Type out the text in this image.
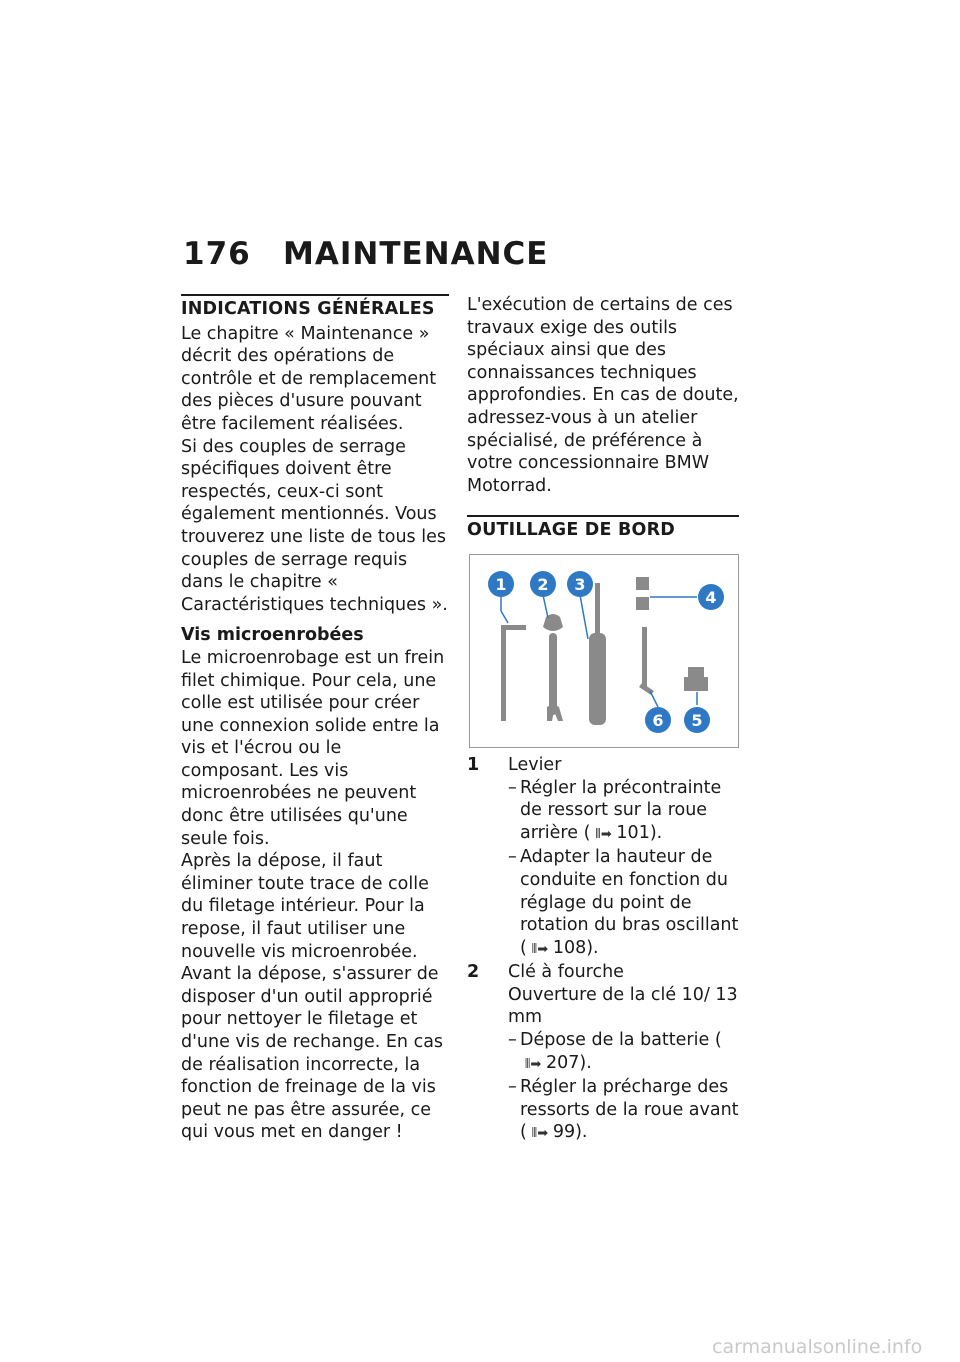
176 MAINTENANCE
INDICATIONS GÉNÉRALES

Le chapitre « Maintenance » décrit des opérations de contrôle et de remplacement des pièces d'usure pouvant être facilement réalisées.

Si des couples de serrage spécifiques doivent être respectés, ceux-ci sont également mentionnés. Vous trouverez une liste de tous les couples de serrage requis dans le chapitre « Caractéristiques techniques ».

Vis microenrobées

Le microenrobage est un frein filet chimique. Pour cela, une colle est utilisée pour créer une connexion solide entre la vis et l'écrou ou le composant. Les vis microenrobées ne peuvent donc être utilisées qu'une seule fois.

Après la dépose, il faut éliminer toute trace de colle du filetage intérieur. Pour la repose, il faut utiliser une nouvelle vis microenrobée. Avant la dépose, s'assurer de disposer d'un outil approprié pour nettoyer le filetage et d'une vis de rechange. En cas de réalisation incorrecte, la fonction de freinage de la vis peut ne pas être assurée, ce qui vous met en danger !

L'exécution de certains de ces travaux exige des outils spéciaux ainsi que des connaissances techniques approfondies. En cas de doute, adressez-vous à un atelier spécialisé, de préférence à votre concessionnaire BMW Motorrad.

OUTILLAGE DE BORD
1 2 3
4
5
6
1 Levier
– Régler la précontrainte de ressort sur la roue arrière ( ⦀➡ 101).
– Adapter la hauteur de conduite en fonction du réglage du point de rotation du bras oscillant ( ⦀➡ 108).
2 Clé à fourche
Ouverture de la clé 10/ 13 mm
– Dépose de la batterie (⦀➡ 207).
– Régler la précharge des ressorts de la roue avant ( ⦀➡ 99).
carmanualsonline.info
